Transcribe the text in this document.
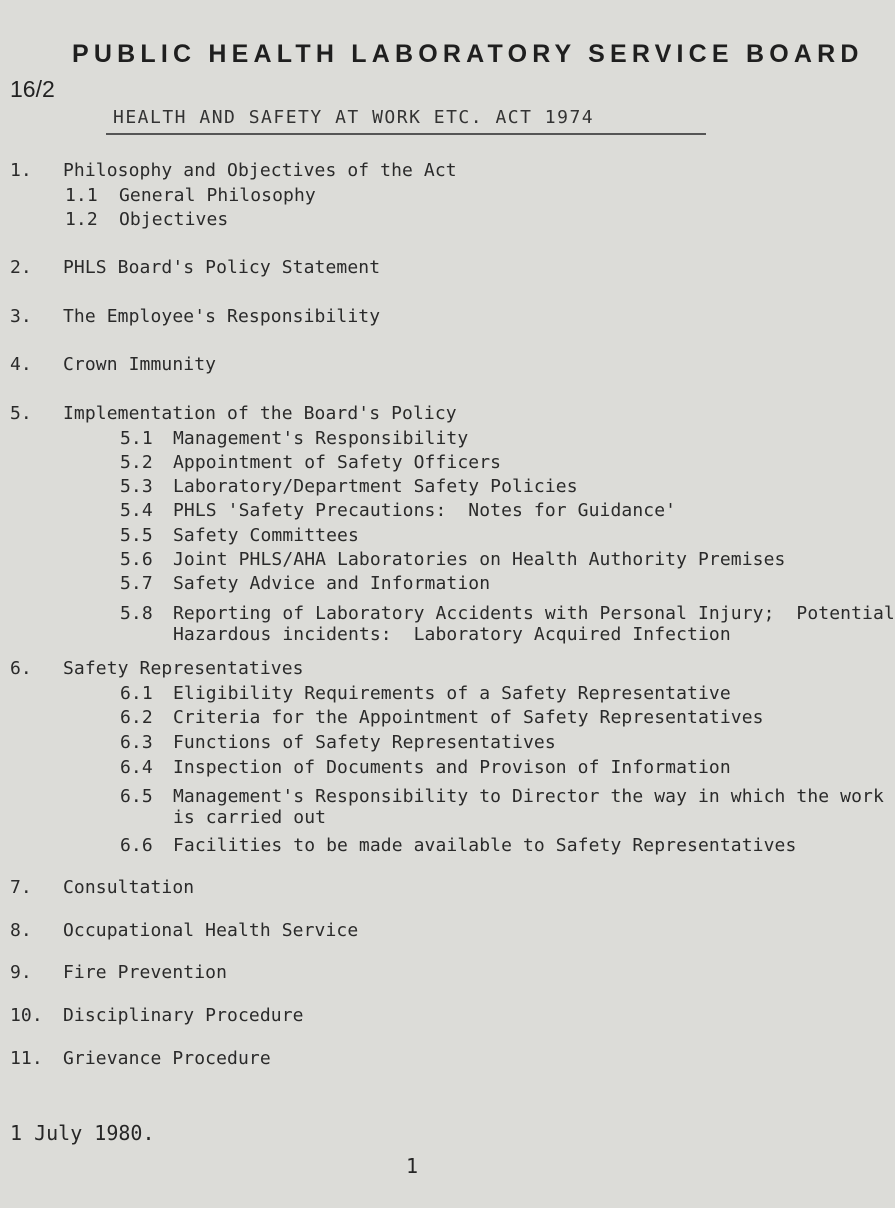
PUBLIC HEALTH LABORATORY SERVICE BOARD
16/2
HEALTH AND SAFETY AT WORK ETC. ACT 1974
1. Philosophy and Objectives of the Act
1.1 General Philosophy
1.2 Objectives
2. PHLS Board's Policy Statement
3. The Employee's Responsibility
4. Crown Immunity
5. Implementation of the Board's Policy
5.1 Management's Responsibility
5.2 Appointment of Safety Officers
5.3 Laboratory/Department Safety Policies
5.4 PHLS 'Safety Precautions:  Notes for Guidance'
5.5 Safety Committees
5.6 Joint PHLS/AHA Laboratories on Health Authority Premises
5.7 Safety Advice and Information
5.8 Reporting of Laboratory Accidents with Personal Injury;  Potential
Hazardous incidents:  Laboratory Acquired Infection
6. Safety Representatives
6.1 Eligibility Requirements of a Safety Representative
6.2 Criteria for the Appointment of Safety Representatives
6.3 Functions of Safety Representatives
6.4 Inspection of Documents and Provison of Information
6.5 Management's Responsibility to Director the way in which the work
is carried out
6.6 Facilities to be made available to Safety Representatives
7. Consultation
8. Occupational Health Service
9. Fire Prevention
10. Disciplinary Procedure
11. Grievance Procedure
1 July 1980.
1
